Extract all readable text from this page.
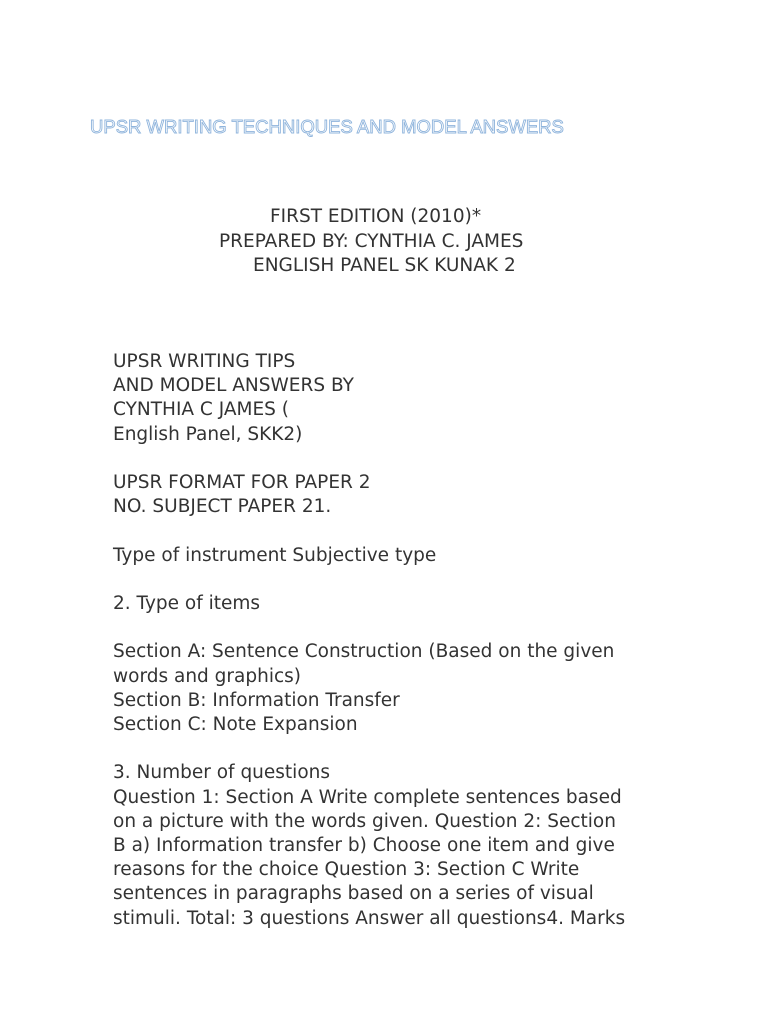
UPSR WRITING TECHNIQUES AND MODEL ANSWERS
FIRST EDITION (2010)*
PREPARED BY: CYNTHIA C. JAMES
ENGLISH PANEL SK KUNAK 2

UPSR WRITING TIPS

AND MODEL ANSWERS BY

CYNTHIA C JAMES (

English Panel, SKK2)

UPSR FORMAT FOR PAPER 2

NO. SUBJECT PAPER 21.

Type of instrument Subjective type

2. Type of items

Section A: Sentence Construction (Based on the given

words and graphics)

Section B: Information Transfer

Section C: Note Expansion

3. Number of questions

Question 1: Section A Write complete sentences based

on a picture with the words given. Question 2: Section

B a) Information transfer b) Choose one item and give

reasons for the choice Question 3: Section C Write

sentences in paragraphs based on a series of visual

stimuli. Total: 3 questions Answer all questions4. Marks
